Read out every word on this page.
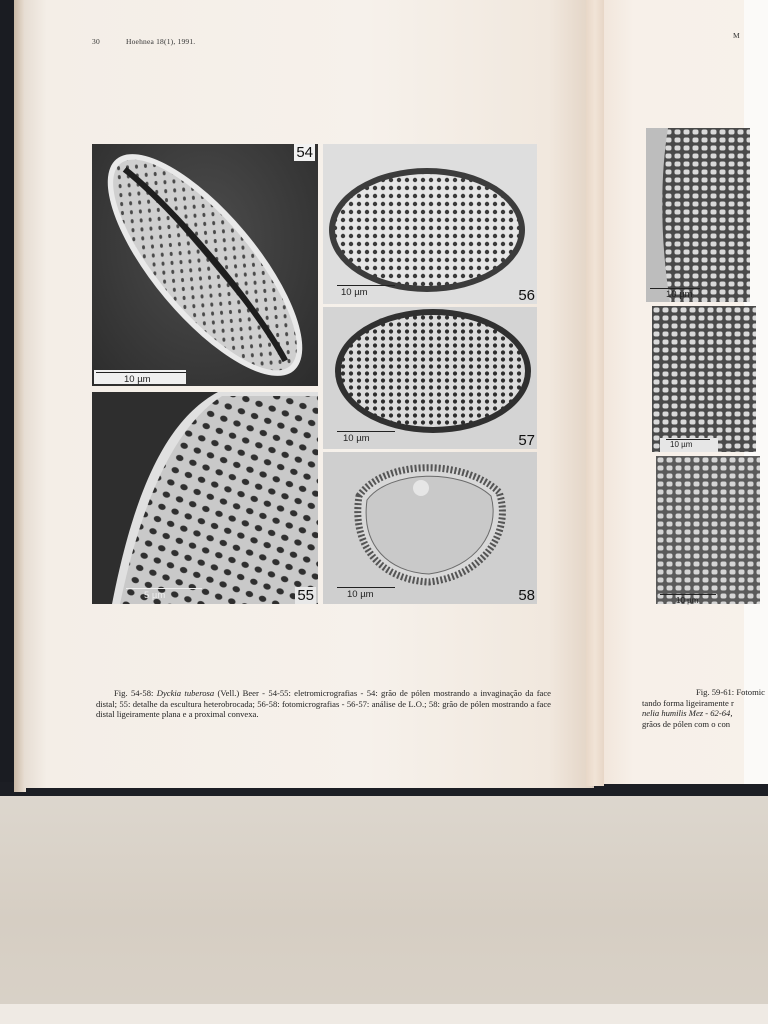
30	Hoehnea 18(1), 1991.
M
54
10 µm
55
5 µm
10 µm	56
10 µm	57
10 µm	58
10 µm
10 µm
10 µm
Fig. 54-58: Dyckia tuberosa (Vell.) Beer - 54-55: eletromicrografias - 54: grão de pólen mostrando a invaginação da face distal; 55: detalhe da escultura heterobrocada; 56-58: fotomicrografias - 56-57: análise de L.O.; 58: grão de pólen mostrando a face distal ligeiramente plana e a proximal convexa.
Fig. 59-61: Fotomic
tando forma ligeiramente r
nelia humilis Mez - 62-64,
grãos de pólen com o con
